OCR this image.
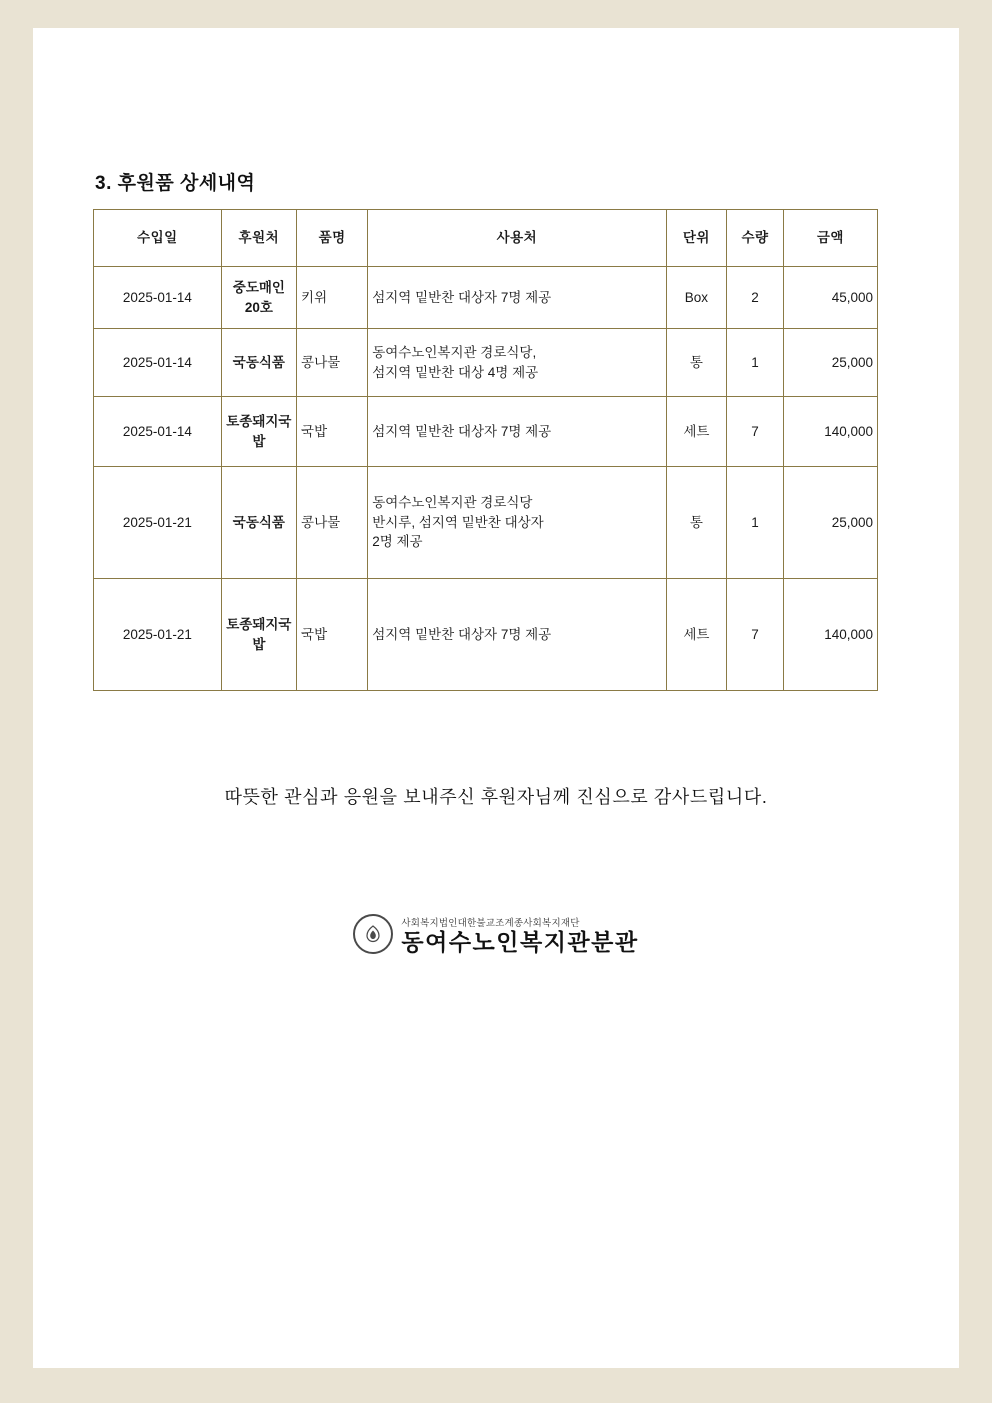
3. 후원품 상세내역
수입일	후원처	품명	사용처	단위	수량	금액
2025-01-14	중도매인20호	키위	섬지역 밑반찬 대상자 7명 제공	Box	2	45,000
2025-01-14	국동식품	콩나물	동여수노인복지관 경로식당,
섬지역 밑반찬 대상 4명 제공	통	1	25,000
2025-01-14	토종돼지국밥	국밥	섬지역 밑반찬 대상자 7명 제공	세트	7	140,000
2025-01-21	국동식품	콩나물	동여수노인복지관 경로식당
반시루, 섬지역 밑반찬 대상자
2명 제공	통	1	25,000
2025-01-21	토종돼지국밥	국밥	섬지역 밑반찬 대상자 7명 제공	세트	7	140,000

따뜻한 관심과 응원을 보내주신 후원자님께 진심으로 감사드립니다.

사회복지법인대한불교조계종사회복지재단
동여수노인복지관분관
